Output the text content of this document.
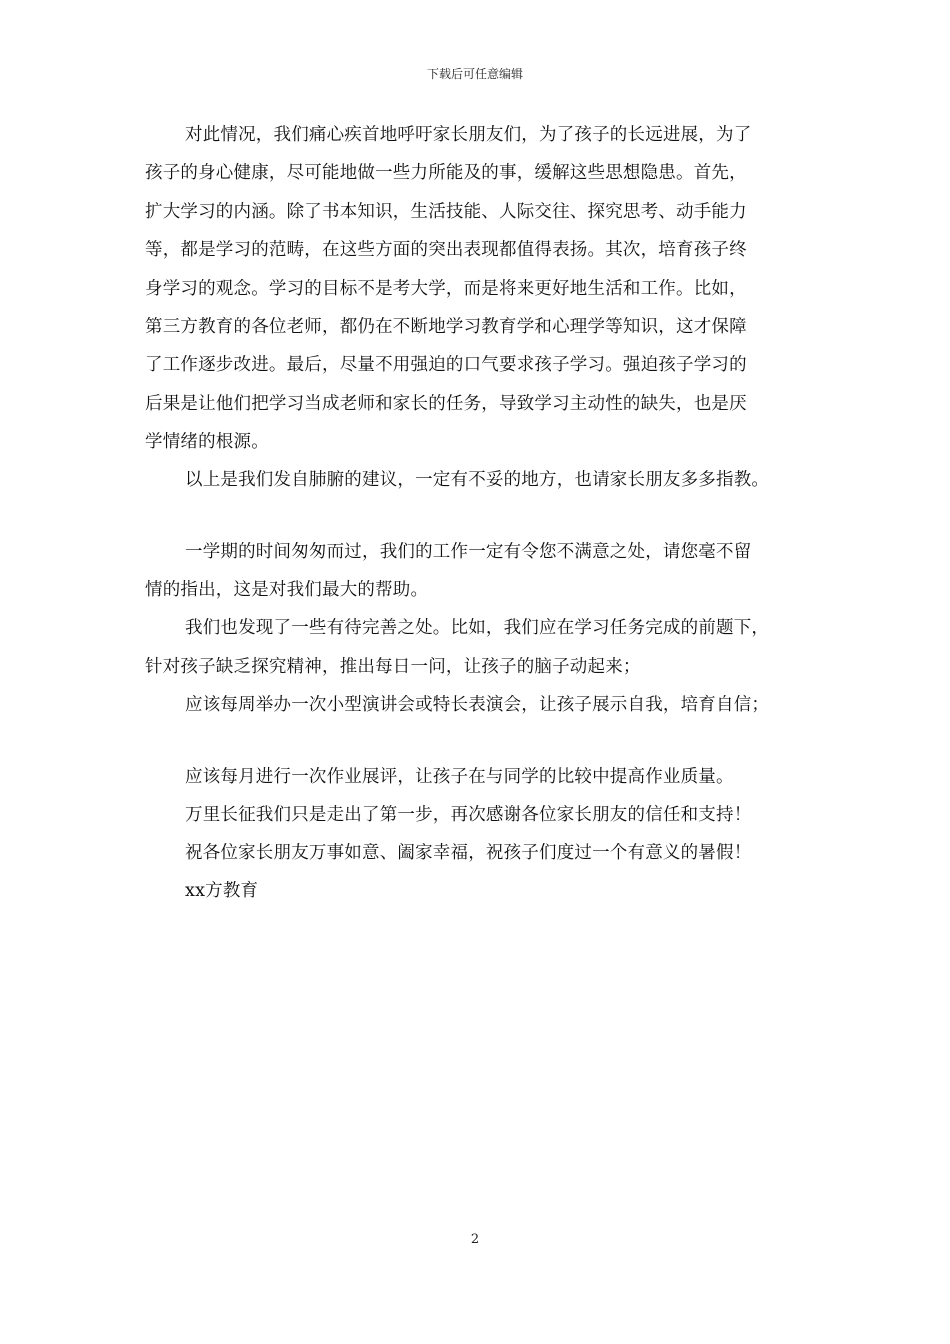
下载后可任意编辑
对此情况，我们痛心疾首地呼吁家长朋友们，为了孩子的长远进展，为了
孩子的身心健康，尽可能地做一些力所能及的事，缓解这些思想隐患。首先，
扩大学习的内涵。除了书本知识，生活技能、人际交往、探究思考、动手能力
等，都是学习的范畴，在这些方面的突出表现都值得表扬。其次，培育孩子终
身学习的观念。学习的目标不是考大学，而是将来更好地生活和工作。比如，
第三方教育的各位老师，都仍在不断地学习教育学和心理学等知识，这才保障
了工作逐步改进。最后，尽量不用强迫的口气要求孩子学习。强迫孩子学习的
后果是让他们把学习当成老师和家长的任务，导致学习主动性的缺失，也是厌
学情绪的根源。
以上是我们发自肺腑的建议，一定有不妥的地方，也请家长朋友多多指教。
一学期的时间匆匆而过，我们的工作一定有令您不满意之处，请您毫不留
情的指出，这是对我们最大的帮助。
我们也发现了一些有待完善之处。比如，我们应在学习任务完成的前题下，
针对孩子缺乏探究精神，推出每日一问，让孩子的脑子动起来；
应该每周举办一次小型演讲会或特长表演会，让孩子展示自我，培育自信；
应该每月进行一次作业展评，让孩子在与同学的比较中提高作业质量。
万里长征我们只是走出了第一步，再次感谢各位家长朋友的信任和支持！
祝各位家长朋友万事如意、阖家幸福，祝孩子们度过一个有意义的暑假！
xx方教育
2
